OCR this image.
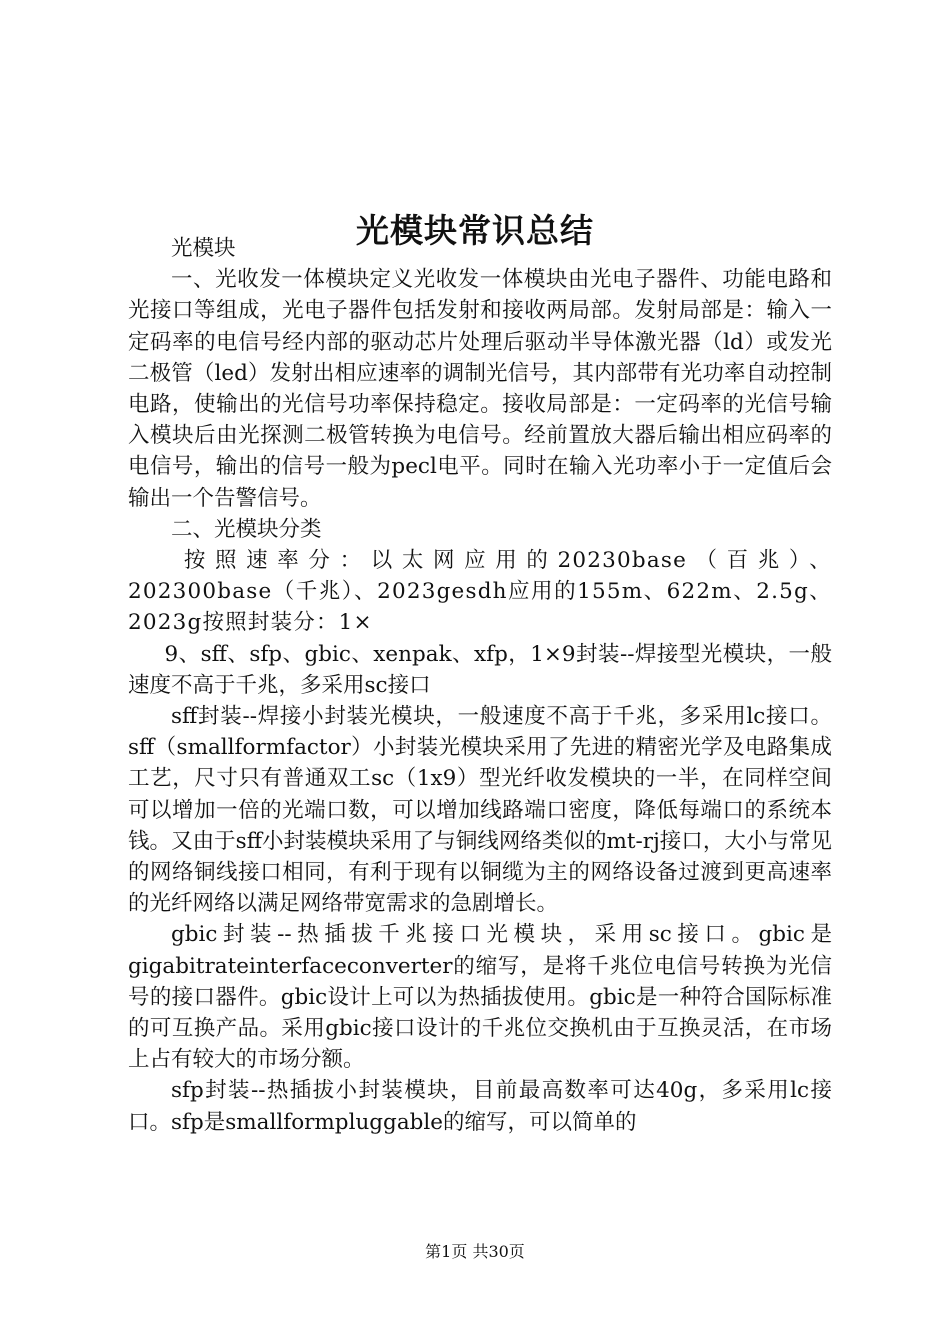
光模块常识总结

光模块

一、光收发一体模块定义光收发一体模块由光电子器件、功能电路和光接口等组成，光电子器件包括发射和接收两局部。发射局部是：输入一定码率的电信号经内部的驱动芯片处理后驱动半导体激光器（ld）或发光二极管（led）发射出相应速率的调制光信号，其内部带有光功率自动控制电路，使输出的光信号功率保持稳定。接收局部是：一定码率的光信号输入模块后由光探测二极管转换为电信号。经前置放大器后输出相应码率的电信号，输出的信号一般为pecl电平。同时在输入光功率小于一定值后会输出一个告警信号。

二、光模块分类

按照速率分：以太网应用的20230base（百兆）、202300base（千兆）、2023gesdh应用的155m、622m、2.5g、2023g按照封装分：1×

9、sff、sfp、gbic、xenpak、xfp，1×9封装--焊接型光模块，一般速度不高于千兆，多采用sc接口

sff封装--焊接小封装光模块，一般速度不高于千兆，多采用lc接口。sff（smallformfactor）小封装光模块采用了先进的精密光学及电路集成工艺，尺寸只有普通双工sc（1x9）型光纤收发模块的一半，在同样空间可以增加一倍的光端口数，可以增加线路端口密度，降低每端口的系统本钱。又由于sff小封装模块采用了与铜线网络类似的mt-rj接口，大小与常见的网络铜线接口相同，有利于现有以铜缆为主的网络设备过渡到更高速率的光纤网络以满足网络带宽需求的急剧增长。

gbic封装--热插拔千兆接口光模块，采用sc接口。gbic是gigabitrateinterfaceconverter的缩写，是将千兆位电信号转换为光信号的接口器件。gbic设计上可以为热插拔使用。gbic是一种符合国际标准的可互换产品。采用gbic接口设计的千兆位交换机由于互换灵活，在市场上占有较大的市场分额。

sfp封装--热插拔小封装模块，目前最高数率可达40g，多采用lc接口。sfp是smallformpluggable的缩写，可以简单的

第1页 共30页
